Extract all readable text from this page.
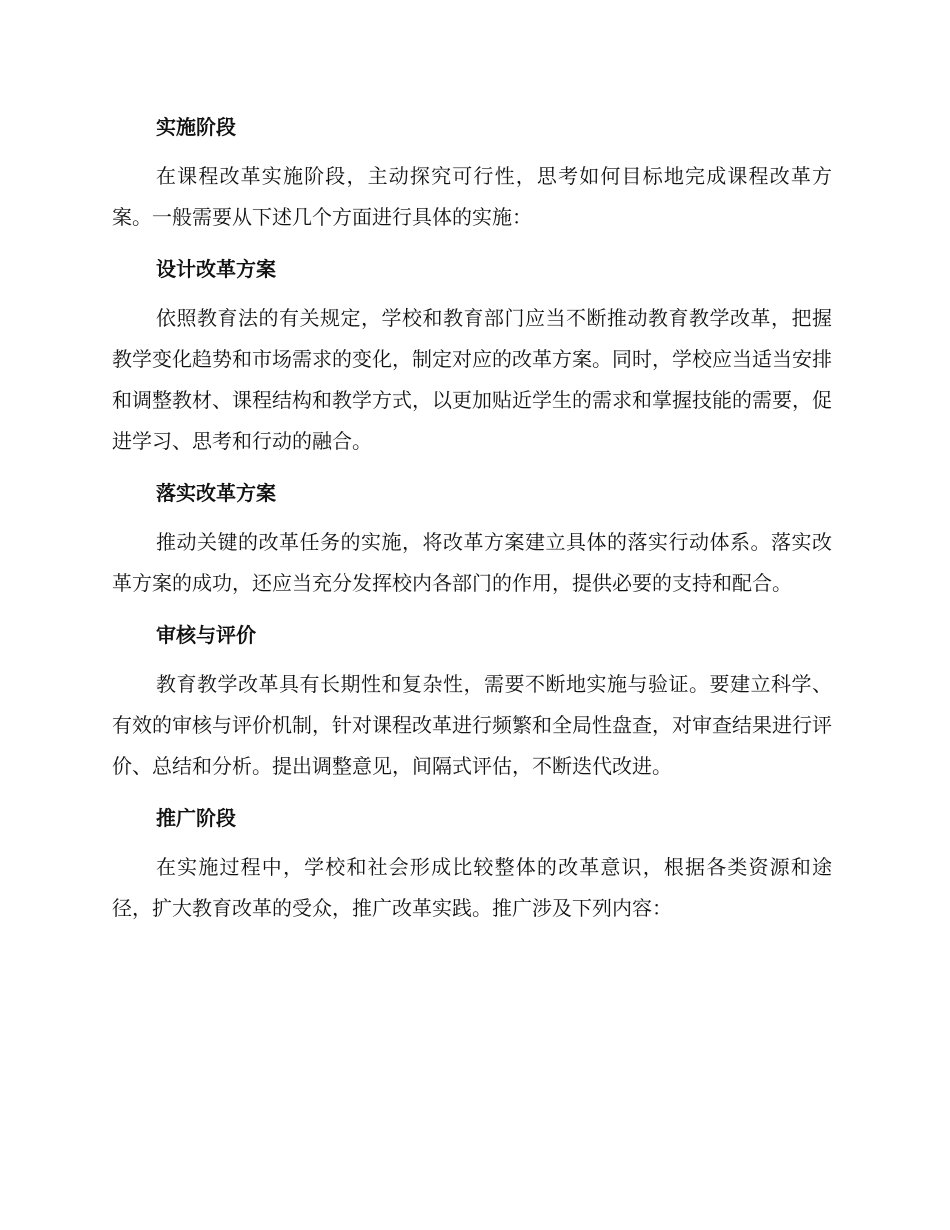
实施阶段

在课程改革实施阶段，主动探究可行性，思考如何目标地完成课程改革方案。一般需要从下述几个方面进行具体的实施：

设计改革方案

依照教育法的有关规定，学校和教育部门应当不断推动教育教学改革，把握教学变化趋势和市场需求的变化，制定对应的改革方案。同时，学校应当适当安排和调整教材、课程结构和教学方式，以更加贴近学生的需求和掌握技能的需要，促进学习、思考和行动的融合。

落实改革方案

推动关键的改革任务的实施，将改革方案建立具体的落实行动体系。落实改革方案的成功，还应当充分发挥校内各部门的作用，提供必要的支持和配合。

审核与评价

教育教学改革具有长期性和复杂性，需要不断地实施与验证。要建立科学、有效的审核与评价机制，针对课程改革进行频繁和全局性盘查，对审查结果进行评价、总结和分析。提出调整意见，间隔式评估，不断迭代改进。

推广阶段

在实施过程中，学校和社会形成比较整体的改革意识，根据各类资源和途径，扩大教育改革的受众，推广改革实践。推广涉及下列内容：
